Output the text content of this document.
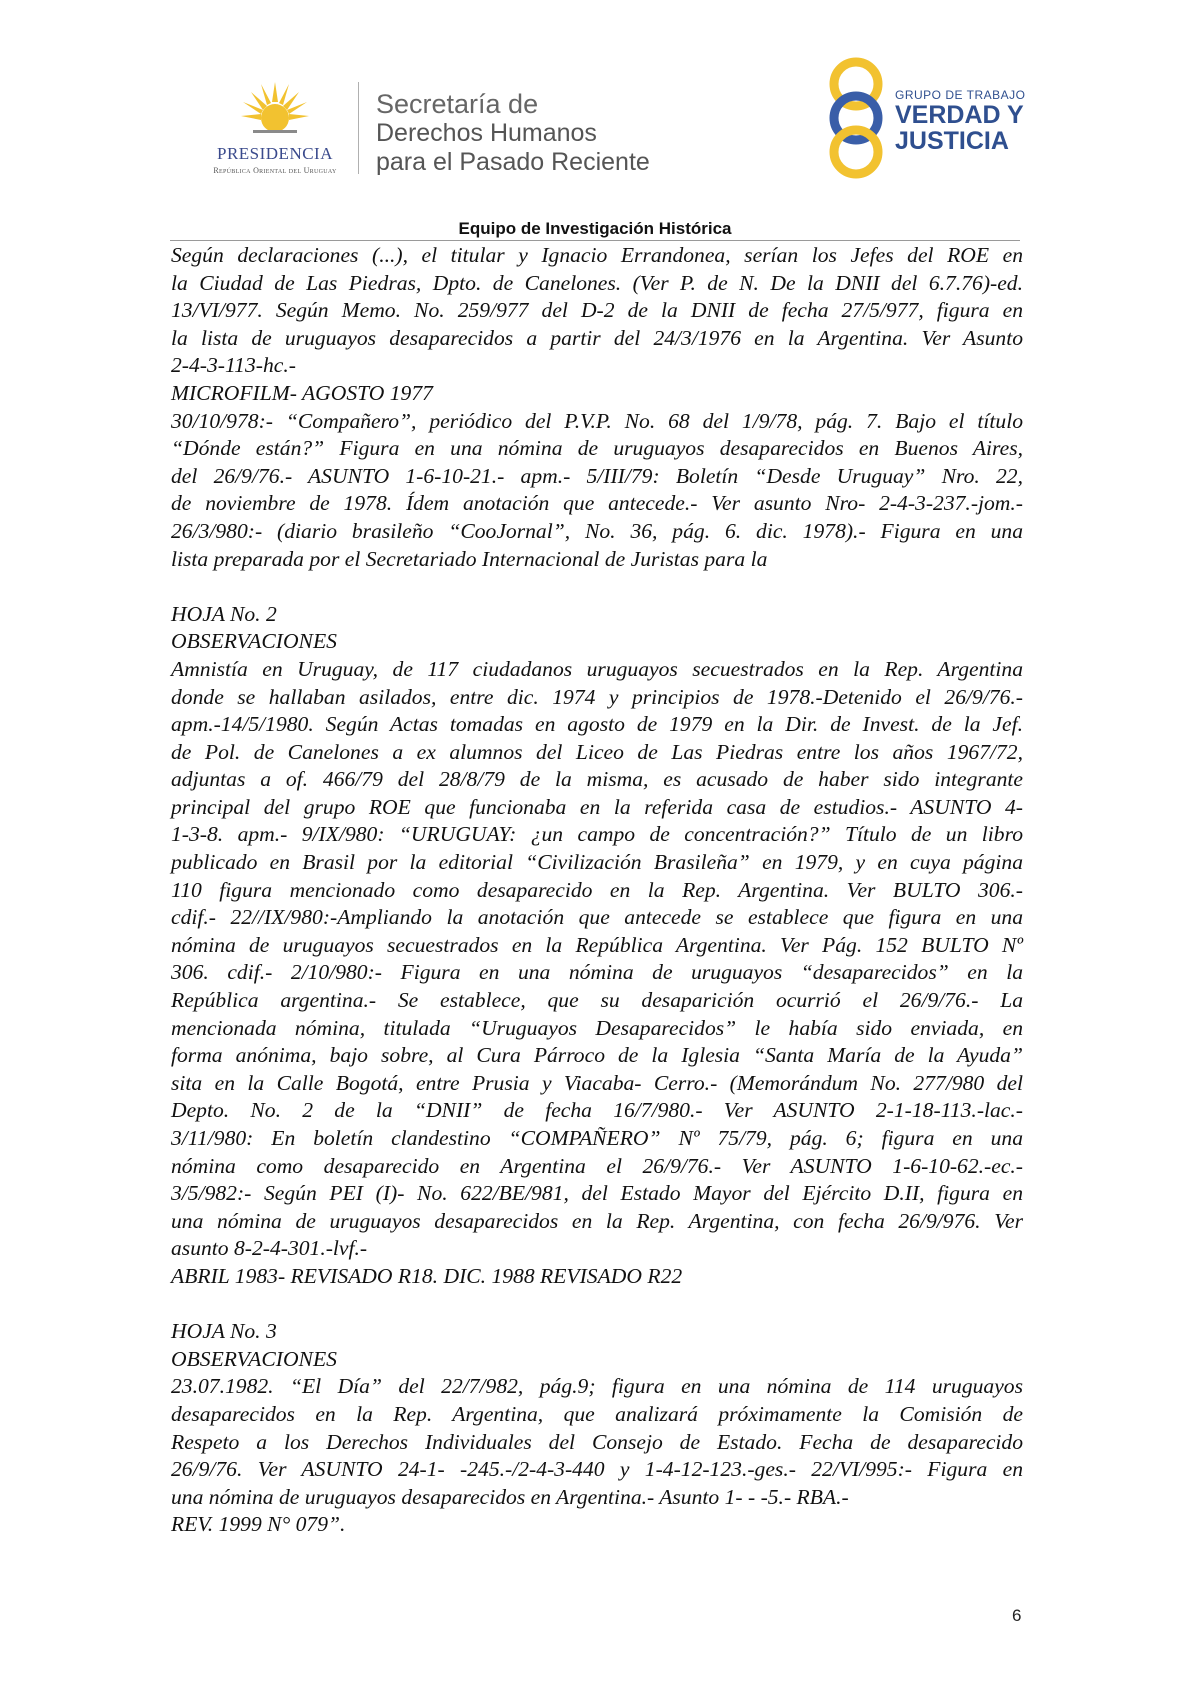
PRESIDENCIA
República Oriental del Uruguay
Secretaría de
Derechos Humanos
para el Pasado Reciente
GRUPO DE TRABAJO
VERDAD Y
JUSTICIA
Equipo de Investigación Histórica

Según declaraciones (...), el titular y Ignacio Errandonea, serían los Jefes del ROE en

la Ciudad de Las Piedras, Dpto. de Canelones. (Ver P. de N. De la DNII del 6.7.76)-ed.

13/VI/977. Según Memo. No. 259/977 del D-2 de la DNII de fecha 27/5/977, figura en

la lista de uruguayos desaparecidos a partir del 24/3/1976 en la Argentina. Ver Asunto

2-4-3-113-hc.-

MICROFILM- AGOSTO 1977

30/10/978:- “Compañero”, periódico del P.V.P. No. 68 del 1/9/78, pág. 7. Bajo el título

“Dónde están?” Figura en una nómina de uruguayos desaparecidos en Buenos Aires,

del 26/9/76.- ASUNTO 1-6-10-21.- apm.- 5/III/79: Boletín “Desde Uruguay” Nro. 22,

de noviembre de 1978. Ídem anotación que antecede.- Ver asunto Nro- 2-4-3-237.-jom.-

26/3/980:- (diario brasileño “CooJornal”, No. 36, pág. 6. dic. 1978).- Figura en una

lista preparada por el Secretariado Internacional de Juristas para la

HOJA No. 2

OBSERVACIONES

Amnistía en Uruguay, de 117 ciudadanos uruguayos secuestrados en la Rep. Argentina

donde se hallaban asilados, entre dic. 1974 y principios de 1978.-Detenido el 26/9/76.-

apm.-14/5/1980. Según Actas tomadas en agosto de 1979 en la Dir. de Invest. de la Jef.

de Pol. de Canelones a ex alumnos del Liceo de Las Piedras entre los años 1967/72,

adjuntas a of. 466/79 del 28/8/79 de la misma, es acusado de haber sido integrante

principal del grupo ROE que funcionaba en la referida casa de estudios.- ASUNTO 4-

1-3-8. apm.- 9/IX/980: “URUGUAY: ¿un campo de concentración?” Título de un libro

publicado en Brasil por la editorial “Civilización Brasileña” en 1979, y en cuya página

110 figura mencionado como desaparecido en la Rep. Argentina. Ver BULTO 306.-

cdif.- 22//IX/980:-Ampliando la anotación que antecede se establece que figura en una

nómina de uruguayos secuestrados en la República Argentina. Ver Pág. 152 BULTO Nº

306. cdif.- 2/10/980:- Figura en una nómina de uruguayos “desaparecidos” en la

República argentina.- Se establece, que su desaparición ocurrió el 26/9/76.- La

mencionada nómina, titulada “Uruguayos Desaparecidos” le había sido enviada, en

forma anónima, bajo sobre, al Cura Párroco de la Iglesia “Santa María de la Ayuda”

sita en la Calle Bogotá, entre Prusia y Viacaba- Cerro.- (Memorándum No. 277/980 del

Depto. No. 2 de la “DNII” de fecha 16/7/980.- Ver ASUNTO 2-1-18-113.-lac.-

3/11/980: En boletín clandestino “COMPAÑERO” Nº 75/79, pág. 6; figura en una

nómina como desaparecido en Argentina el 26/9/76.- Ver ASUNTO 1-6-10-62.-ec.-

3/5/982:- Según PEI (I)- No. 622/BE/981, del Estado Mayor del Ejército D.II, figura en

una nómina de uruguayos desaparecidos en la Rep. Argentina, con fecha 26/9/976. Ver

asunto 8-2-4-301.-lvf.-

ABRIL 1983- REVISADO R18. DIC. 1988 REVISADO R22

HOJA No. 3

OBSERVACIONES

23.07.1982. “El Día” del 22/7/982, pág.9; figura en una nómina de 114 uruguayos

desaparecidos en la Rep. Argentina, que analizará próximamente la Comisión de

Respeto a los Derechos Individuales del Consejo de Estado. Fecha de desaparecido

26/9/76. Ver ASUNTO 24-1- -245.-/2-4-3-440 y 1-4-12-123.-ges.- 22/VI/995:- Figura en

una nómina de uruguayos desaparecidos en Argentina.- Asunto 1- - -5.- RBA.-

REV. 1999 N° 079”.

6
